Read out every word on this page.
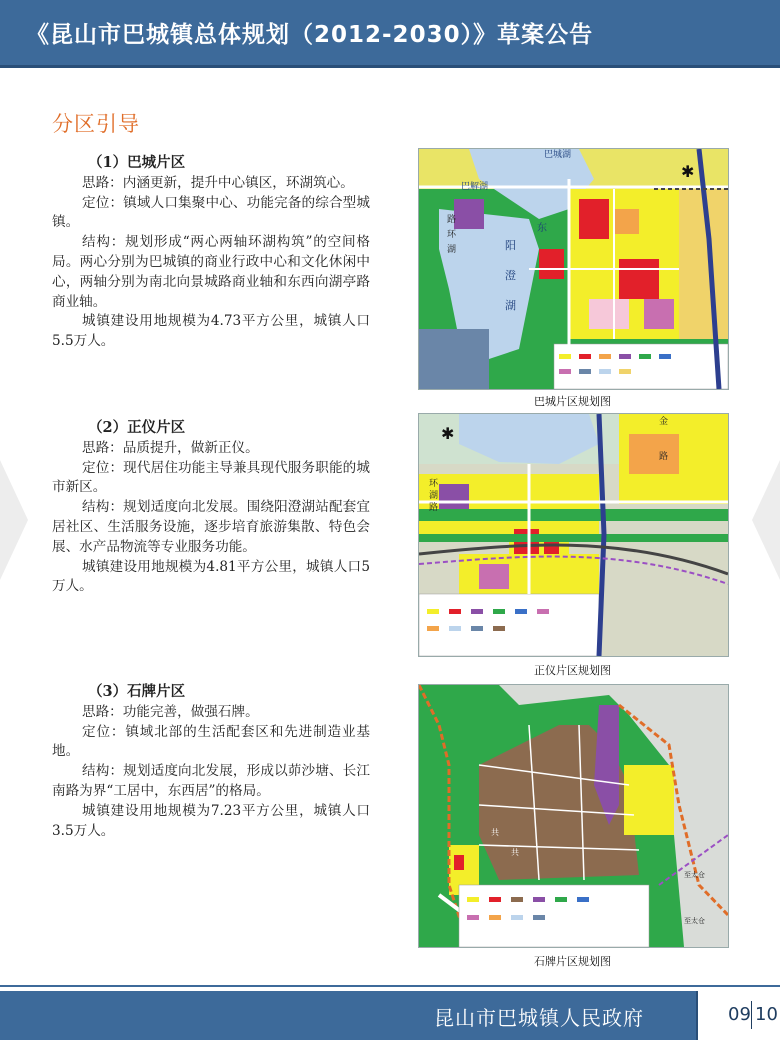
《昆山市巴城镇总体规划（2012-2030）》草案公告
分区引导
（1）巴城片区

思路：内涵更新，提升中心镇区，环湖筑心。

定位：镇域人口集聚中心、功能完备的综合型城镇。

结构：规划形成“两心两轴环湖构筑”的空间格局。两心分别为巴城镇的商业行政中心和文化休闲中心，两轴分别为南北向景城路商业轴和东西向湖亭路商业轴。

城镇建设用地规模为4.73平方公里，城镇人口5.5万人。

（2）正仪片区

思路：品质提升，做新正仪。

定位：现代居住功能主导兼具现代服务职能的城市新区。

结构：规划适度向北发展。围绕阳澄湖站配套宜居社区、生活服务设施，逐步培育旅游集散、特色会展、水产品物流等专业服务功能。

城镇建设用地规模为4.81平方公里，城镇人口5万人。

（3）石牌片区

思路：功能完善，做强石牌。

定位：镇域北部的生活配套区和先进制造业基地。

结构：规划适度向北发展，形成以茆沙塘、长江南路为界“工居中，东西居”的格局。

城镇建设用地规模为7.23平方公里，城镇人口3.5万人。

巴城湖
巴解湖
阳
澄
湖
东
路
环
湖
✱
巴城片区规划图
环
湖
路
金
路
✱
正仪片区规划图
共
共
至太仓
至太仓
石牌片区规划图
昆山市巴城镇人民政府	09 10
